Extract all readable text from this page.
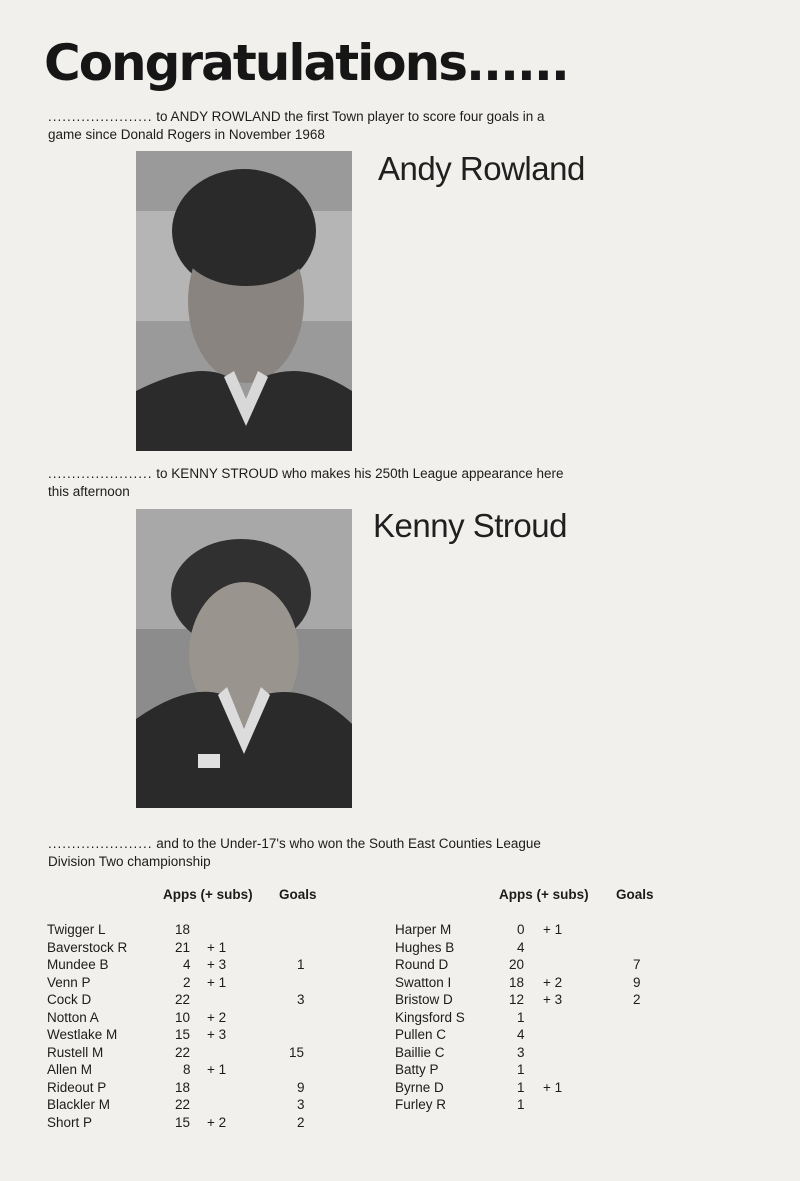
Congratulations......
...................... to ANDY ROWLAND the first Town player to score four goals in a
game since Donald Rogers in November 1968
Andy Rowland
...................... to KENNY STROUD who makes his 250th League appearance here
this afternoon
Kenny Stroud
...................... and to the Under-17's who won the South East Counties League
Division Two championship
Apps (+ subs) Goals	Apps (+ subs) Goals
Twigger L	18
Baverstock R	21 + 1
Mundee B	4 + 3	1
Venn P	2 + 1
Cock D	22	3
Notton A	10 + 2
Westlake M	15 + 3
Rustell M	22	15
Allen M	8 + 1
Rideout P	18	9
Blackler M	22	3
Short P	15 + 2	2
Harper M	0 + 1
Hughes B	4
Round D	20	7
Swatton I	18 + 2	9
Bristow D	12 + 3	2
Kingsford S	1
Pullen C	4
Baillie C	3
Batty P	1
Byrne D	1 + 1
Furley R	1
